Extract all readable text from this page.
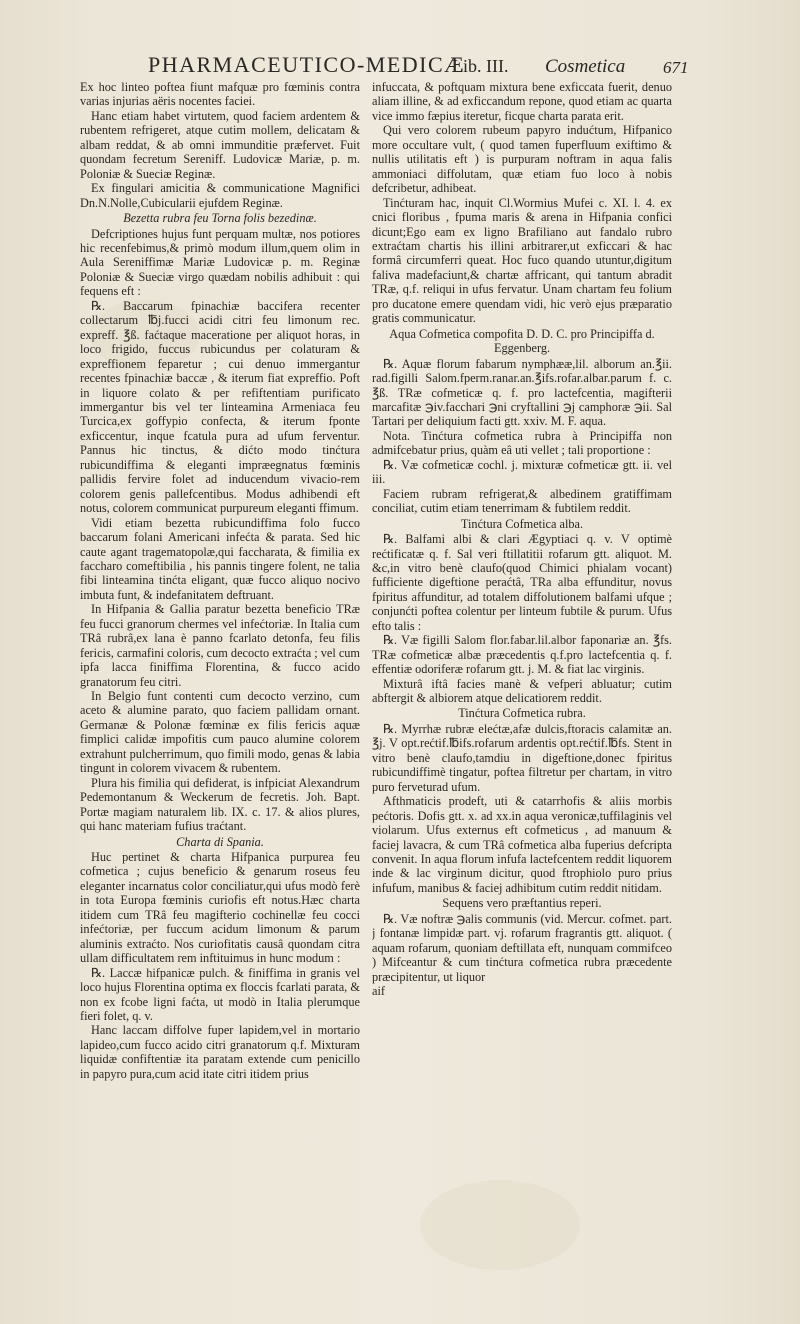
PHARMACEUTICO-MEDICÆ
Lib. III. Cosmetica 671

Ex hoc linteo poftea fiunt mafquæ pro fœminis contra varias injurias aëris nocentes faciei.

Hanc etiam habet virtutem, quod faciem ardentem & rubentem refrigeret, atque cutim mollem, delicatam & albam reddat, & ab omni immunditie præfervet. Fuit quondam fecretum Sereniff. Ludovicæ Mariæ, p. m. Poloniæ & Sueciæ Reginæ.

Ex fingulari amicitia & communicatione Magnifici Dn.N.Nolle,Cubicularii ejufdem Reginæ.

Bezetta rubra feu Torna folis bezedinæ.

Defcriptiones hujus funt perquam multæ, nos potiores hic recenfebimus,& primò modum illum,quem olim in Aula Sereniffimæ Mariæ Ludovicæ p. m. Reginæ Poloniæ & Sueciæ virgo quædam nobilis adhibuit : qui fequens eft :

℞. Baccarum fpinachiæ baccifera recenter collectarum ℔j.fucci acidi citri feu limonum rec. expreff. ℥ß. faćtaque maceratione per aliquot horas, in loco frigido, fuccus rubicundus per colaturam & expreffionem feparetur ; cui denuo immergantur recentes fpinachiæ baccæ , & iterum fiat expreffio. Poft in liquore colato & per refiftentiam purificato immergantur bis vel ter linteamina Armeniaca feu Turcica,ex goffypio confecta, & iterum fponte exficcentur, inque fcatula pura ad ufum ferventur. Pannus hic tinctus, & dićto modo tinćtura rubicundiffima & eleganti impræegnatus fœminis pallidis fervire folet ad inducendum vivacio-rem colorem genis pallefcentibus. Modus adhibendi eft notus, colorem communicat purpureum eleganti ffimum.

Vidi etiam bezetta rubicundiffima folo fucco baccarum folani Americani infećta & parata. Sed hic caute agant tragematopolæ,qui faccharata, & fimilia ex faccharo comeftibilia , his pannis tingere folent, ne talia fibi linteamina tinćta eligant, quæ fucco aliquo nocivo imbuta funt, & indefanitatem deftruant.

In Hifpania & Gallia paratur bezetta beneficio TRæ feu fucci granorum chermes vel infećtoriæ. In Italia cum TRâ rubrâ,ex lana è panno fcarlato detonfa, feu filis fericis, carmafini coloris, cum decocto extraćta ; vel cum ipfa lacca finiffima Florentina, & fucco acido granatorum feu citri.

In Belgio funt contenti cum decocto verzino, cum aceto & alumine parato, quo faciem pallidam ornant. Germanæ & Polonæ fœminæ ex filis fericis aquæ fimplici calidæ impofitis cum pauco alumine colorem extrahunt pulcherrimum, quo fimili modo, genas & labia tingunt in colorem vivacem & rubentem.

Plura his fimilia qui defiderat, is infpiciat Alexandrum Pedemontanum & Weckerum de fecretis. Joh. Bapt. Portæ magiam naturalem lib. IX. c. 17. & alios plures, qui hanc materiam fufius traćtant.

Charta di Spania.

Huc pertinet & charta Hifpanica purpurea feu cofmetica ; cujus beneficio & genarum roseus feu eleganter incarnatus color conciliatur,qui ufus modò ferè in tota Europa fœminis curiofis eft notus.Hæc charta itidem cum TRâ feu magifterio cochinellæ feu cocci infećtoriæ, per fuccum acidum limonum & parum aluminis extraćto. Nos curiofitatis causâ quondam citra ullam difficultatem rem inftituimus in hunc modum :

℞. Laccæ hifpanicæ pulch. & finiffima in granis vel loco hujus Florentina optima ex floccis fcarlati parata, & non ex fcobe ligni faćta, ut modò in Italia plerumque fieri folet, q. v.

Hanc laccam diffolve fuper lapidem,vel in mortario lapideo,cum fucco acido citri granatorum q.f. Mixturam liquidæ confiftentiæ ita paratam extende cum penicillo in papyro pura,cum acid itate citri itidem prius

infuccata, & poftquam mixtura bene exficcata fuerit, denuo aliam illine, & ad exficcandum repone, quod etiam ac quarta vice immo fæpius iteretur, ficque charta parata erit.

Qui vero colorem rubeum papyro indućtum, Hifpanico more occultare vult, ( quod tamen fuperfluum exiftimo & nullis utilitatis eft ) is purpuram noftram in aqua falis ammoniaci diffolutam, quæ etiam fuo loco à nobis defcribetur, adhibeat.

Tinćturam hac, inquit Cl.Wormius Mufei c. XI. l. 4. ex cnici floribus , fpuma maris & arena in Hifpania confici dicunt;Ego eam ex ligno Brafiliano aut fandalo rubro extraćtam chartis his illini arbitrarer,ut exficcari & hac formâ circumferri queat. Hoc fuco quando utuntur,digitum faliva madefaciunt,& chartæ affricant, qui tantum abradit TRæ, q.f. reliqui in ufus fervatur. Unam chartam feu folium pro ducatone emere quendam vidi, hic verò ejus præparatio gratis communicatur.

Aqua Cofmetica compofita D. D. C. pro Principiffa d. Eggenberg.

℞. Aquæ florum fabarum nymphææ,lil. alborum an.℥ii. rad.figilli Salom.fperm.ranar.an.℥ifs.rofar.albar.parum f. c. ℥ß. TRæ cofmeticæ q. f. pro lactefcentia, magifterii marcafitæ ℈iv.facchari ℈ni cryftallini ℈j camphoræ ℈ii. Sal Tartari per deliquium facti gtt. xxiv. M. F. aqua.

Nota. Tinćtura cofmetica rubra à Principiffa non admifcebatur prius, quàm eâ uti vellet ; tali proportione :

℞. Væ cofmeticæ cochl. j. mixturæ cofmeticæ gtt. ii. vel iii.

Faciem rubram refrigerat,& albedinem gratiffimam conciliat, cutim etiam tenerrimam & fubtilem reddit.

Tinćtura Cofmetica alba.

℞. Balfami albi & clari Ægyptiaci q. v. V optimè rećtificatæ q. f. Sal veri ftillatitii rofarum gtt. aliquot. M. &c,in vitro benè claufo(quod Chimici phialam vocant) fufficiente digeftione peraćtâ, TRa alba effunditur, novus fpiritus affunditur, ad totalem diffolutionem balfami ufque ; conjunćti poftea colentur per linteum fubtile & purum. Ufus efto talis :

℞. Væ figilli Salom flor.fabar.lil.albor faponariæ an. ℥fs. TRæ cofmeticæ albæ præcedentis q.f.pro lactefcentia q. f. effentiæ odoriferæ rofarum gtt. j. M. & fiat lac virginis.

Mixturâ iftâ facies manè & vefperi abluatur; cutim abftergit & albiorem atque delicatiorem reddit.

Tinćtura Cofmetica rubra.

℞. Myrrhæ rubræ elećtæ,afæ dulcis,ftoracis calamitæ an. ℥j. V opt.rećtif.℔ifs.rofarum ardentis opt.rećtif.℔fs. Stent in vitro benè claufo,tamdiu in digeftione,donec fpiritus rubicundiffimè tingatur, poftea filtretur per chartam, in vitro puro ferveturad ufum.

Afthmaticis prodeft, uti & catarrhofis & aliis morbis pećtoris. Dofis gtt. x. ad xx.in aqua veronicæ,tuffilaginis vel violarum. Ufus externus eft cofmeticus , ad manuum & faciej lavacra, & cum TRâ cofmetica alba fuperius defcripta convenit. In aqua florum infufa lactefcentem reddit liquorem inde & lac virginum dicitur, quod ftrophiolo puro prius infufum, manibus & faciej adhibitum cutim reddit nitidam.

Sequens vero præftantius reperi.

℞. Væ noftræ ℈alis communis (vid. Mercur. cofmet. part. j fontanæ limpidæ part. vj. rofarum fragrantis gtt. aliquot. ( aquam rofarum, quoniam deftillata eft, nunquam commifceo ) Mifceantur & cum tinćtura cofmetica rubra præcedente præcipitentur, ut liquor

aif
